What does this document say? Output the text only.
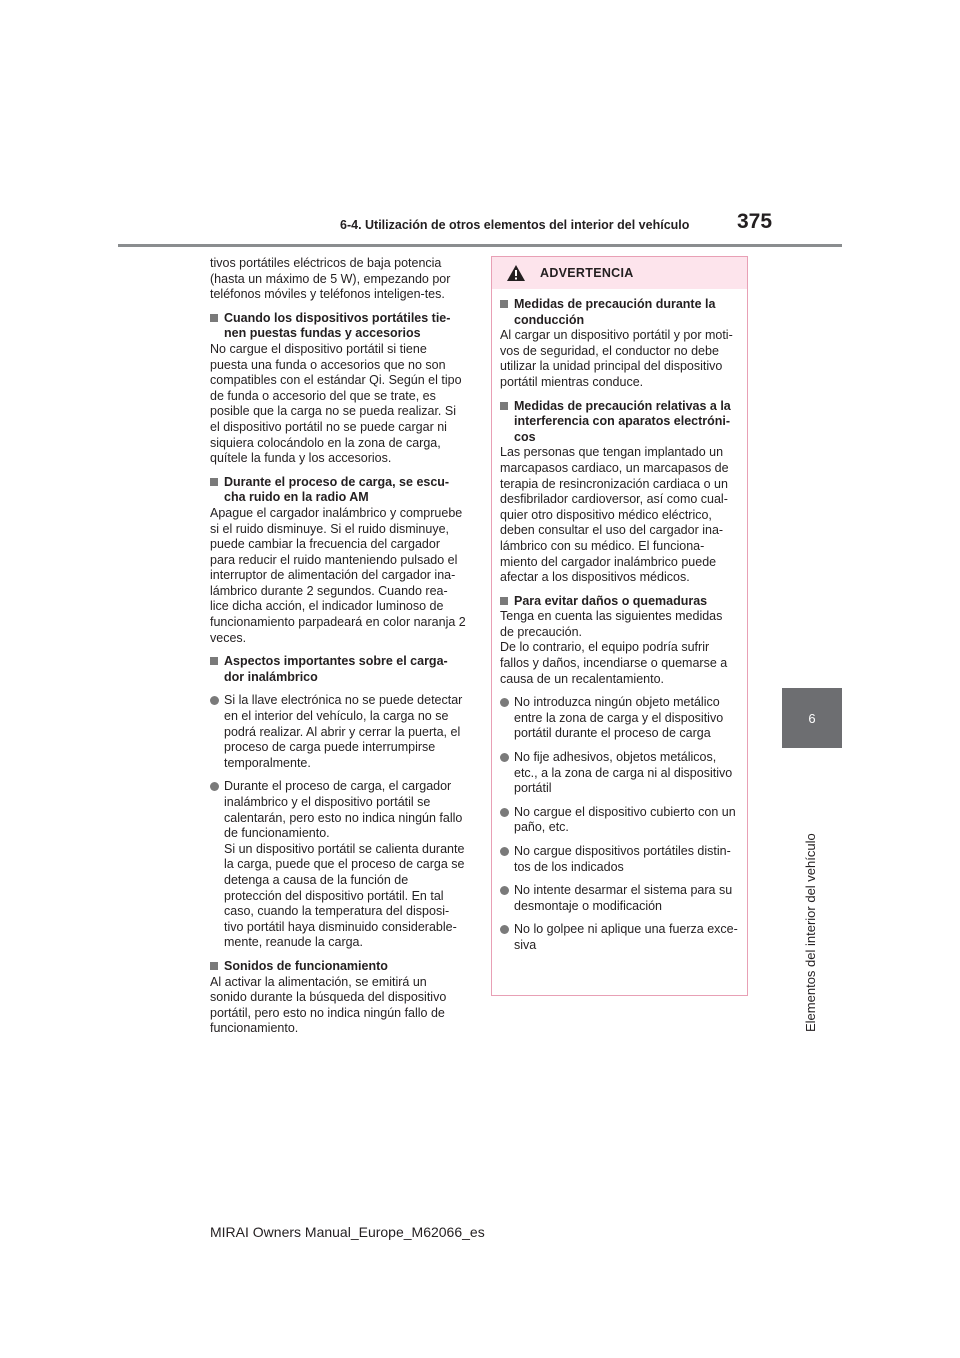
6-4. Utilización de otros elementos del interior del vehículo 375
6
Elementos del interior del vehículo

tivos portátiles eléctricos de baja potencia (hasta un máximo de 5 W), empezando por teléfonos móviles y teléfonos inteligen-tes.

Cuando los dispositivos portátiles tie-nen puestas fundas y accesorios

No cargue el dispositivo portátil si tiene puesta una funda o accesorios que no son compatibles con el estándar Qi. Según el tipo de funda o accesorio del que se trate, es posible que la carga no se pueda realizar. Si el dispositivo portátil no se puede cargar ni siquiera colocándolo en la zona de carga, quítele la funda y los accesorios.

Durante el proceso de carga, se escu-cha ruido en la radio AM

Apague el cargador inalámbrico y compruebe si el ruido disminuye. Si el ruido disminuye, puede cambiar la frecuencia del cargador para reducir el ruido manteniendo pulsado el interruptor de alimentación del cargador ina-lámbrico durante 2 segundos. Cuando rea-lice dicha acción, el indicador luminoso de funcionamiento parpadeará en color naranja 2 veces.

Aspectos importantes sobre el carga-dor inalámbrico
Si la llave electrónica no se puede detectar en el interior del vehículo, la carga no se podrá realizar. Al abrir y cerrar la puerta, el proceso de carga puede interrumpirse temporalmente.
Durante el proceso de carga, el cargador inalámbrico y el dispositivo portátil se calentarán, pero esto no indica ningún fallo de funcionamiento.
Si un dispositivo portátil se calienta durante la carga, puede que el proceso de carga se detenga a causa de la función de protección del dispositivo portátil. En tal caso, cuando la temperatura del disposi-tivo portátil haya disminuido considerable-mente, reanude la carga.
Sonidos de funcionamiento

Al activar la alimentación, se emitirá un sonido durante la búsqueda del dispositivo portátil, pero esto no indica ningún fallo de funcionamiento.

ADVERTENCIA
Medidas de precaución durante la conducción

Al cargar un dispositivo portátil y por moti-vos de seguridad, el conductor no debe utilizar la unidad principal del dispositivo portátil mientras conduce.

Medidas de precaución relativas a la interferencia con aparatos electróni-cos

Las personas que tengan implantado un marcapasos cardiaco, un marcapasos de terapia de resincronización cardiaca o un desfibrilador cardioversor, así como cual-quier otro dispositivo médico eléctrico, deben consultar el uso del cargador ina-lámbrico con su médico. El funciona-miento del cargador inalámbrico puede afectar a los dispositivos médicos.

Para evitar daños o quemaduras

Tenga en cuenta las siguientes medidas de precaución.
De lo contrario, el equipo podría sufrir fallos y daños, incendiarse o quemarse a causa de un recalentamiento.

No introduzca ningún objeto metálico entre la zona de carga y el dispositivo portátil durante el proceso de carga
No fije adhesivos, objetos metálicos, etc., a la zona de carga ni al dispositivo portátil
No cargue el dispositivo cubierto con un paño, etc.
No cargue dispositivos portátiles distin-tos de los indicados
No intente desarmar el sistema para su desmontaje o modificación
No lo golpee ni aplique una fuerza exce-siva
MIRAI Owners Manual_Europe_M62066_es
